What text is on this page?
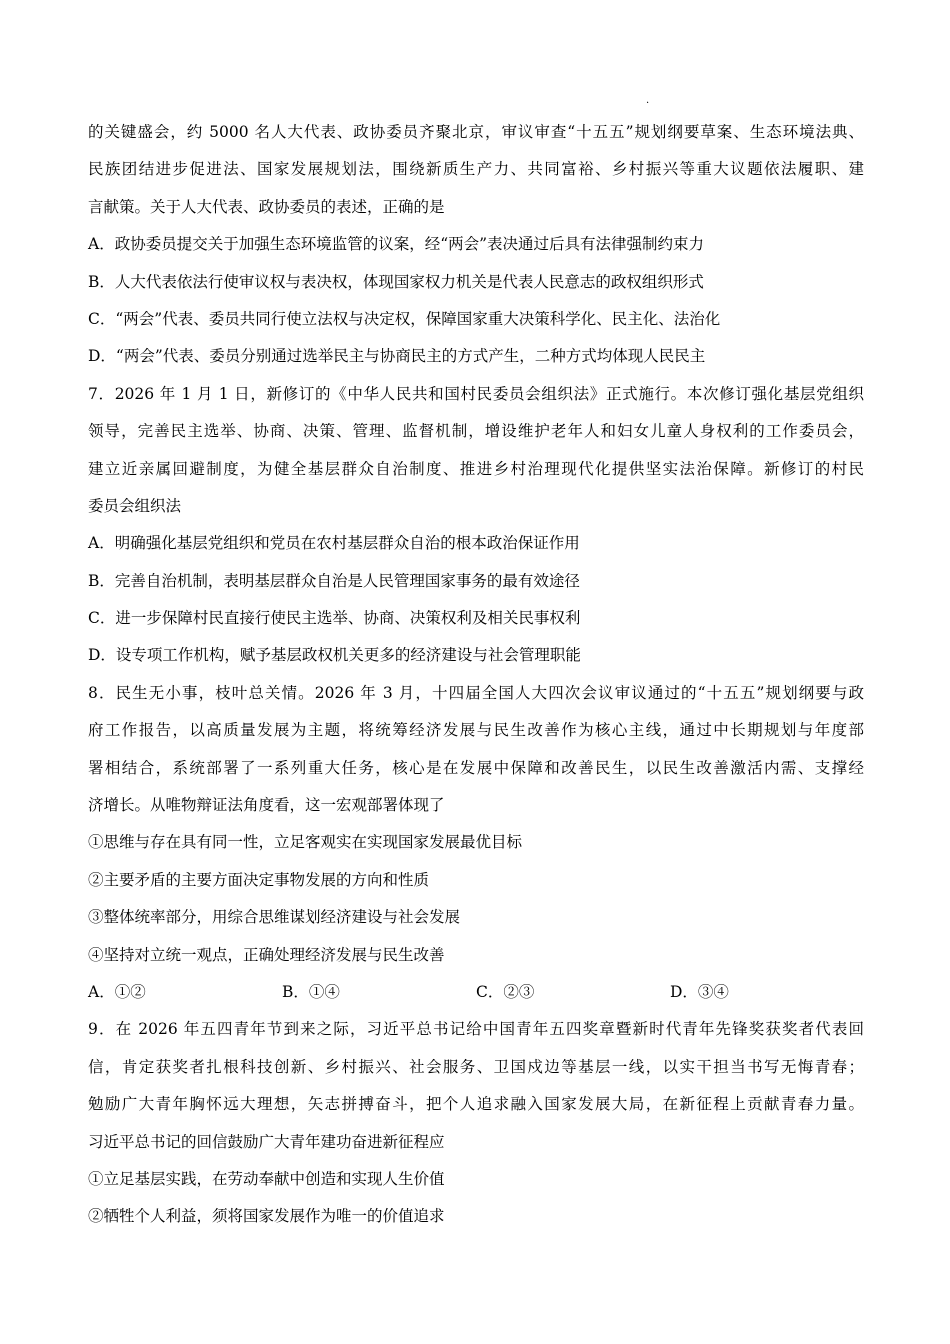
.
的关键盛会，约 5000 名人大代表、政协委员齐聚北京，审议审查“十五五”规划纲要草案、生态环境法典、
民族团结进步促进法、国家发展规划法，围绕新质生产力、共同富裕、乡村振兴等重大议题依法履职、建
言献策。关于人大代表、政协委员的表述，正确的是
A．政协委员提交关于加强生态环境监管的议案，经“两会”表决通过后具有法律强制约束力
B．人大代表依法行使审议权与表决权，体现国家权力机关是代表人民意志的政权组织形式
C．“两会”代表、委员共同行使立法权与决定权，保障国家重大决策科学化、民主化、法治化
D．“两会”代表、委员分别通过选举民主与协商民主的方式产生，二种方式均体现人民民主
7．2026 年 1 月 1 日，新修订的《中华人民共和国村民委员会组织法》正式施行。本次修订强化基层党组织
领导，完善民主选举、协商、决策、管理、监督机制，增设维护老年人和妇女儿童人身权利的工作委员会，
建立近亲属回避制度，为健全基层群众自治制度、推进乡村治理现代化提供坚实法治保障。新修订的村民
委员会组织法
A．明确强化基层党组织和党员在农村基层群众自治的根本政治保证作用
B．完善自治机制，表明基层群众自治是人民管理国家事务的最有效途径
C．进一步保障村民直接行使民主选举、协商、决策权利及相关民事权利
D．设专项工作机构，赋予基层政权机关更多的经济建设与社会管理职能
8．民生无小事，枝叶总关情。2026 年 3 月，十四届全国人大四次会议审议通过的“十五五”规划纲要与政
府工作报告，以高质量发展为主题，将统筹经济发展与民生改善作为核心主线，通过中长期规划与年度部
署相结合，系统部署了一系列重大任务，核心是在发展中保障和改善民生，以民生改善激活内需、支撑经
济增长。从唯物辩证法角度看，这一宏观部署体现了
①思维与存在具有同一性，立足客观实在实现国家发展最优目标
②主要矛盾的主要方面决定事物发展的方向和性质
③整体统率部分，用综合思维谋划经济建设与社会发展
④坚持对立统一观点，正确处理经济发展与民生改善
A．①②	B．①④	C．②③	D．③④
9．在 2026 年五四青年节到来之际，习近平总书记给中国青年五四奖章暨新时代青年先锋奖获奖者代表回
信，肯定获奖者扎根科技创新、乡村振兴、社会服务、卫国戍边等基层一线，以实干担当书写无悔青春；
勉励广大青年胸怀远大理想，矢志拼搏奋斗，把个人追求融入国家发展大局，在新征程上贡献青春力量。
习近平总书记的回信鼓励广大青年建功奋进新征程应
①立足基层实践，在劳动奉献中创造和实现人生价值
②牺牲个人利益，须将国家发展作为唯一的价值追求
